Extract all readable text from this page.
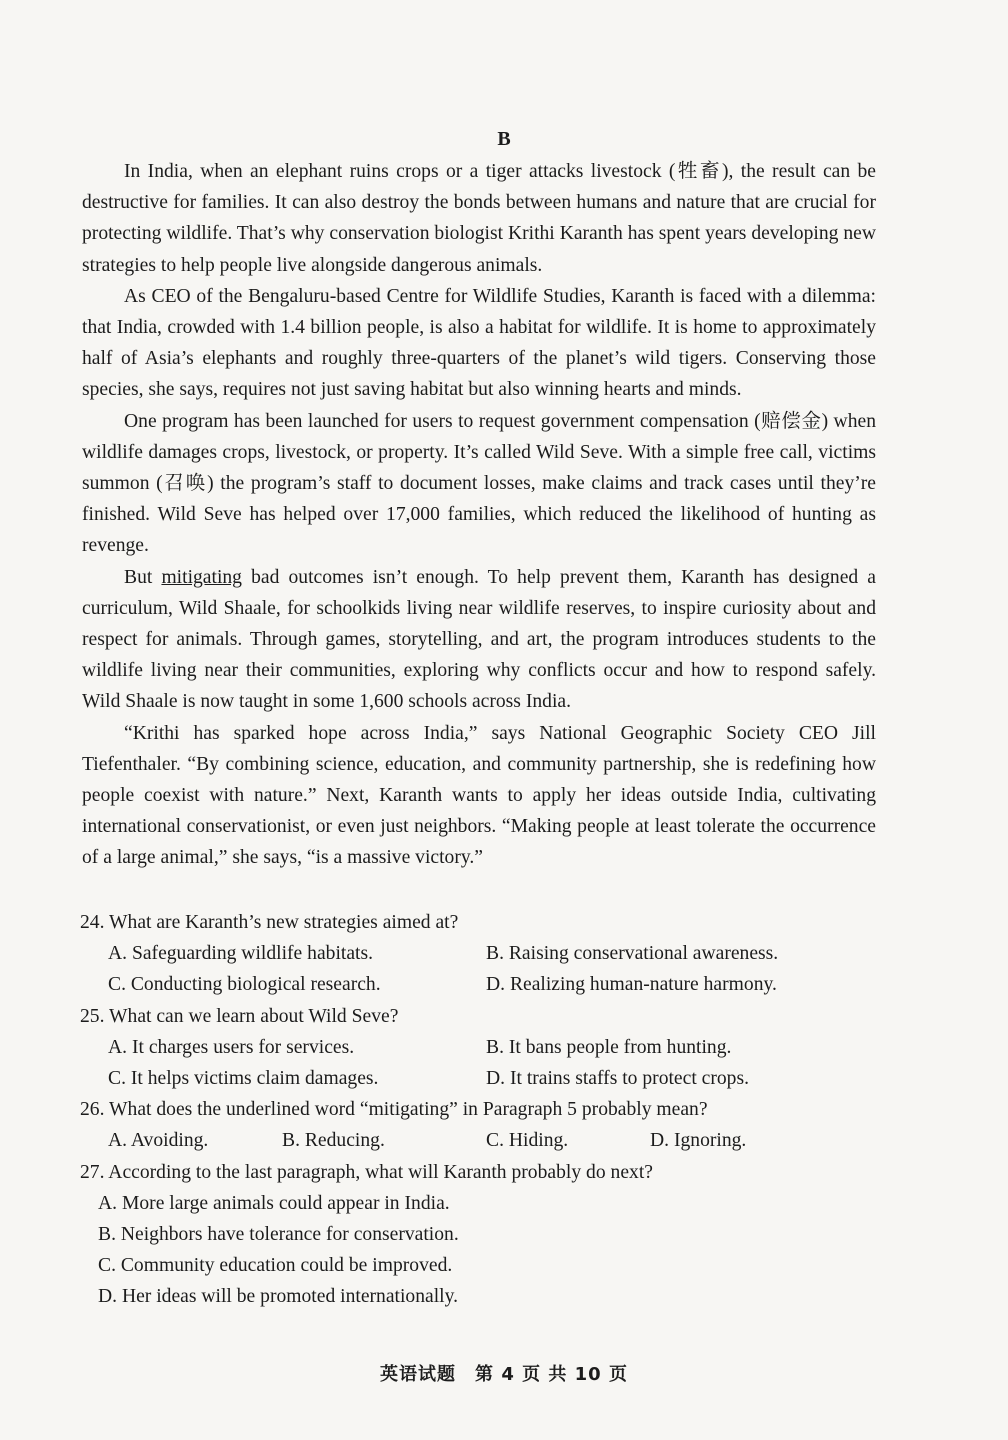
B

In India, when an elephant ruins crops or a tiger attacks livestock (牲畜), the result can be destructive for families. It can also destroy the bonds between humans and nature that are crucial for protecting wildlife. That’s why conservation biologist Krithi Karanth has spent years developing new strategies to help people live alongside dangerous animals.

As CEO of the Bengaluru-based Centre for Wildlife Studies, Karanth is faced with a dilemma: that India, crowded with 1.4 billion people, is also a habitat for wildlife. It is home to approximately half of Asia’s elephants and roughly three-quarters of the planet’s wild tigers. Conserving those species, she says, requires not just saving habitat but also winning hearts and minds.

One program has been launched for users to request government compensation (赔偿金) when wildlife damages crops, livestock, or property. It’s called Wild Seve. With a simple free call, victims summon (召唤) the program’s staff to document losses, make claims and track cases until they’re finished. Wild Seve has helped over 17,000 families, which reduced the likelihood of hunting as revenge.

But mitigating bad outcomes isn’t enough. To help prevent them, Karanth has designed a curriculum, Wild Shaale, for schoolkids living near wildlife reserves, to inspire curiosity about and respect for animals. Through games, storytelling, and art, the program introduces students to the wildlife living near their communities, exploring why conflicts occur and how to respond safely. Wild Shaale is now taught in some 1,600 schools across India.

“Krithi has sparked hope across India,” says National Geographic Society CEO Jill Tiefenthaler. “By combining science, education, and community partnership, she is redefining how people coexist with nature.” Next, Karanth wants to apply her ideas outside India, cultivating international conservationist, or even just neighbors. “Making people at least tolerate the occurrence of a large animal,” she says, “is a massive victory.”

24. What are Karanth’s new strategies aimed at?

A. Safeguarding wildlife habitats.	B. Raising conservational awareness.
C. Conducting biological research.	D. Realizing human-nature harmony.

25. What can we learn about Wild Seve?

A. It charges users for services.	B. It bans people from hunting.
C. It helps victims claim damages.	D. It trains staffs to protect crops.

26. What does the underlined word “mitigating” in Paragraph 5 probably mean?

A. Avoiding.	B. Reducing.	C. Hiding.	D. Ignoring.

27. According to the last paragraph, what will Karanth probably do next?

A. More large animals could appear in India.
B. Neighbors have tolerance for conservation.
C. Community education could be improved.
D. Her ideas will be promoted internationally.
英语试题　第 4 页 共 10 页
